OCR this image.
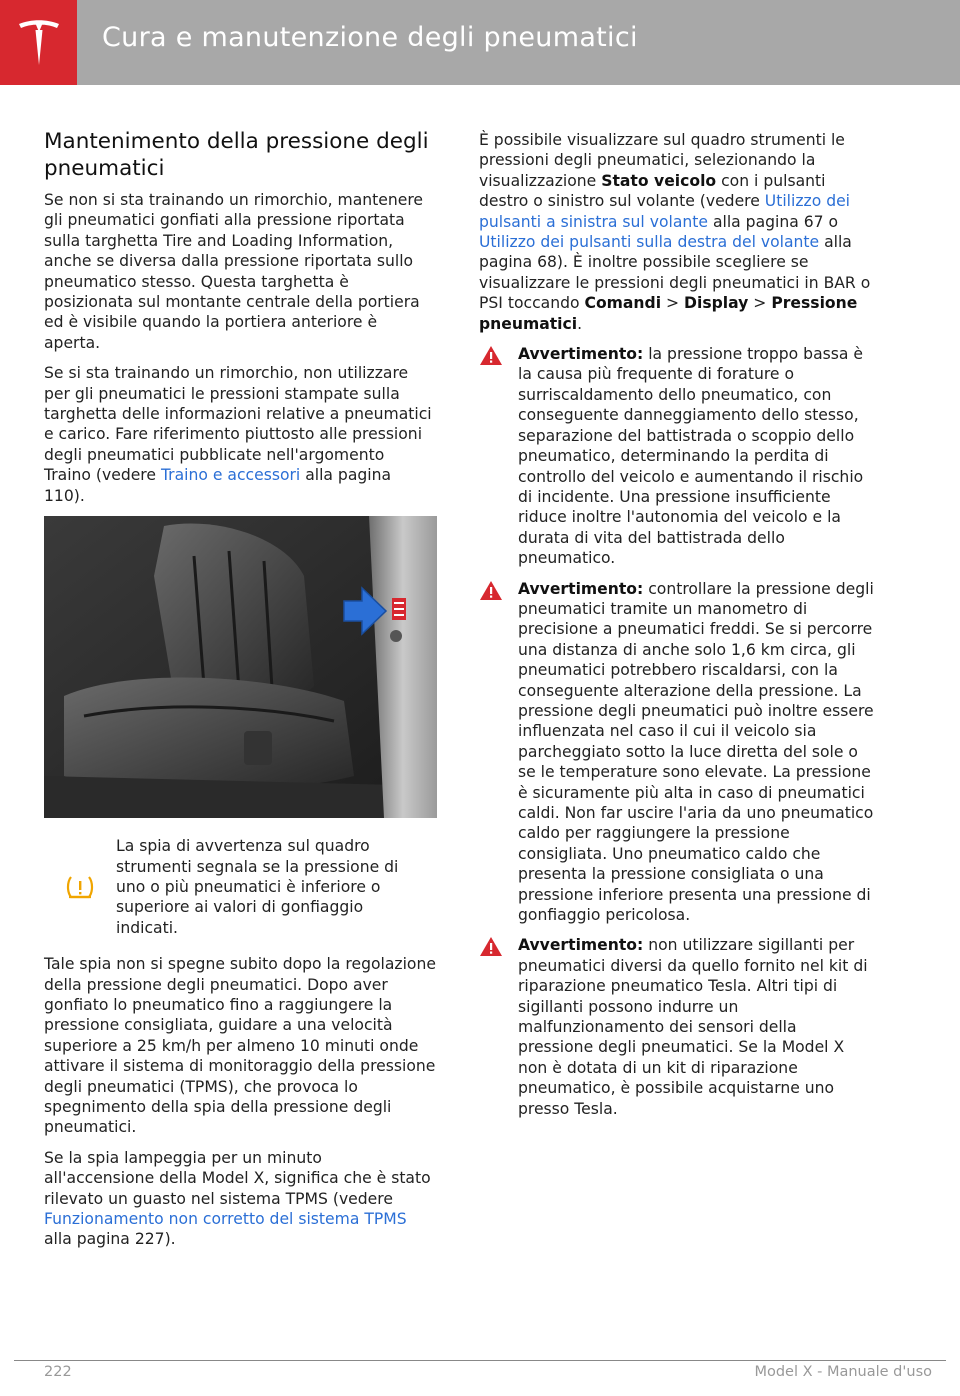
Cura e manutenzione degli pneumatici
Mantenimento della pressione degli pneumatici

Se non si sta trainando un rimorchio, mantenere gli pneumatici gonfiati alla pressione riportata sulla targhetta Tire and Loading Information, anche se diversa dalla pressione riportata sullo pneumatico stesso. Questa targhetta è posizionata sul montante centrale della portiera ed è visibile quando la portiera anteriore è aperta.

Se si sta trainando un rimorchio, non utilizzare per gli pneumatici le pressioni stampate sulla targhetta delle informazioni relative a pneumatici e carico. Fare riferimento piuttosto alle pressioni degli pneumatici pubblicate nell'argomento Traino (vedere Traino e accessori alla pagina 110).

La spia di avvertenza sul quadro strumenti segnala se la pressione di uno o più pneumatici è inferiore o superiore ai valori di gonfiaggio indicati.

Tale spia non si spegne subito dopo la regolazione della pressione degli pneumatici. Dopo aver gonfiato lo pneumatico fino a raggiungere la pressione consigliata, guidare a una velocità superiore a 25 km/h per almeno 10 minuti onde attivare il sistema di monitoraggio della pressione degli pneumatici (TPMS), che provoca lo spegnimento della spia della pressione degli pneumatici.

Se la spia lampeggia per un minuto all'accensione della Model X, significa che è stato rilevato un guasto nel sistema TPMS (vedere Funzionamento non corretto del sistema TPMS alla pagina 227).

È possibile visualizzare sul quadro strumenti le pressioni degli pneumatici, selezionando la visualizzazione Stato veicolo con i pulsanti destro o sinistro sul volante (vedere Utilizzo dei pulsanti a sinistra sul volante alla pagina 67 o Utilizzo dei pulsanti sulla destra del volante alla pagina 68). È inoltre possibile scegliere se visualizzare le pressioni degli pneumatici in BAR o PSI toccando Comandi > Display > Pressione pneumatici.

Avvertimento: la pressione troppo bassa è la causa più frequente di forature o surriscaldamento dello pneumatico, con conseguente danneggiamento dello stesso, separazione del battistrada o scoppio dello pneumatico, determinando la perdita di controllo del veicolo e aumentando il rischio di incidente. Una pressione insufficiente riduce inoltre l'autonomia del veicolo e la durata di vita del battistrada dello pneumatico.
Avvertimento: controllare la pressione degli pneumatici tramite un manometro di precisione a pneumatici freddi. Se si percorre una distanza di anche solo 1,6 km circa, gli pneumatici potrebbero riscaldarsi, con la conseguente alterazione della pressione. La pressione degli pneumatici può inoltre essere influenzata nel caso il cui il veicolo sia parcheggiato sotto la luce diretta del sole o se le temperature sono elevate. La pressione è sicuramente più alta in caso di pneumatici caldi. Non far uscire l'aria da uno pneumatico caldo per raggiungere la pressione consigliata. Uno pneumatico caldo che presenta la pressione consigliata o una pressione inferiore presenta una pressione di gonfiaggio pericolosa.
Avvertimento: non utilizzare sigillanti per pneumatici diversi da quello fornito nel kit di riparazione pneumatico Tesla. Altri tipi di sigillanti possono indurre un malfunzionamento dei sensori della pressione degli pneumatici. Se la Model X non è dotata di un kit di riparazione pneumatico, è possibile acquistarne uno presso Tesla.
222	Model X - Manuale d'uso
